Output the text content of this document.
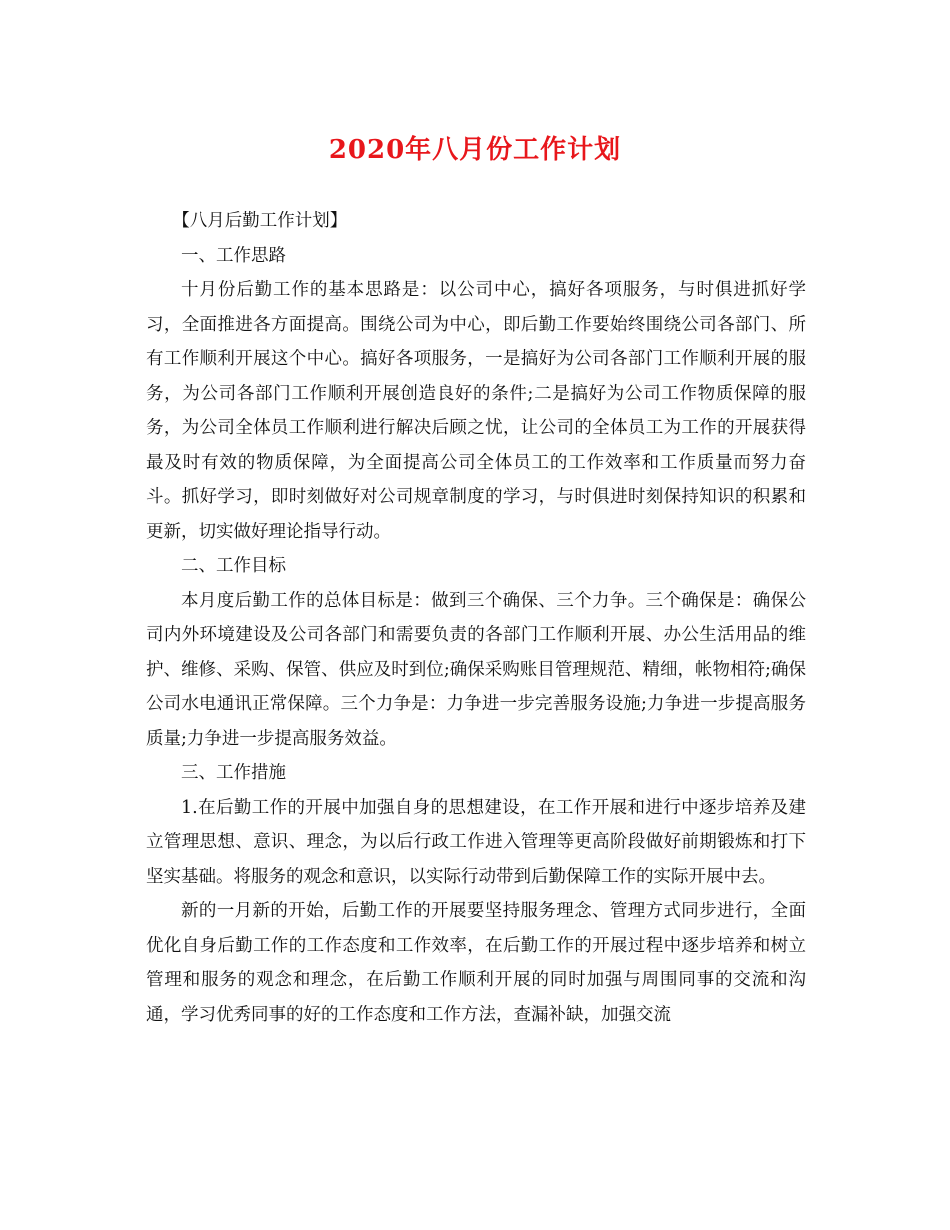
2020年八月份工作计划

【八月后勤工作计划】

一、工作思路

十月份后勤工作的基本思路是：以公司中心，搞好各项服务，与时俱进抓好学习，全面推进各方面提高。围绕公司为中心，即后勤工作要始终围绕公司各部门、所有工作顺利开展这个中心。搞好各项服务，一是搞好为公司各部门工作顺利开展的服务，为公司各部门工作顺利开展创造良好的条件;二是搞好为公司工作物质保障的服务，为公司全体员工作顺利进行解决后顾之忧，让公司的全体员工为工作的开展获得最及时有效的物质保障，为全面提高公司全体员工的工作效率和工作质量而努力奋斗。抓好学习，即时刻做好对公司规章制度的学习，与时俱进时刻保持知识的积累和更新，切实做好理论指导行动。

二、工作目标

本月度后勤工作的总体目标是：做到三个确保、三个力争。三个确保是：确保公司内外环境建设及公司各部门和需要负责的各部门工作顺利开展、办公生活用品的维护、维修、采购、保管、供应及时到位;确保采购账目管理规范、精细，帐物相符;确保公司水电通讯正常保障。三个力争是：力争进一步完善服务设施;力争进一步提高服务质量;力争进一步提高服务效益。

三、工作措施

1.在后勤工作的开展中加强自身的思想建设，在工作开展和进行中逐步培养及建立管理思想、意识、理念，为以后行政工作进入管理等更高阶段做好前期锻炼和打下坚实基础。将服务的观念和意识，以实际行动带到后勤保障工作的实际开展中去。

新的一月新的开始，后勤工作的开展要坚持服务理念、管理方式同步进行，全面优化自身后勤工作的工作态度和工作效率，在后勤工作的开展过程中逐步培养和树立管理和服务的观念和理念，在后勤工作顺利开展的同时加强与周围同事的交流和沟通，学习优秀同事的好的工作态度和工作方法，查漏补缺，加强交流
